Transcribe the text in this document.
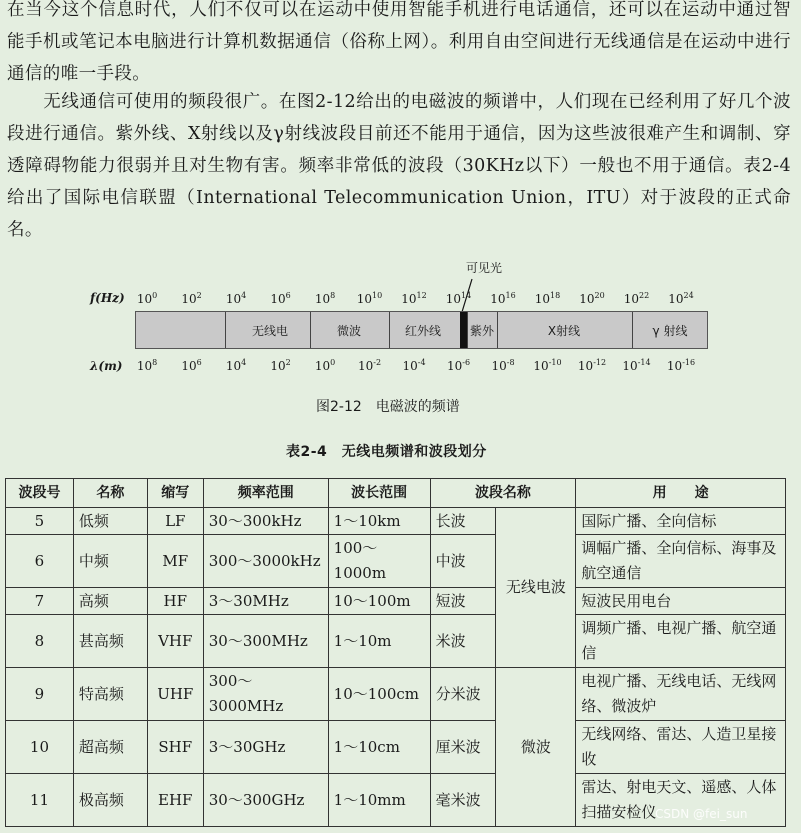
在当今这个信息时代，人们不仅可以在运动中使用智能手机进行电话通信，还可以在运动中通过智能手机或笔记本电脑进行计算机数据通信（俗称上网）。利用自由空间进行无线通信是在运动中进行通信的唯一手段。

无线通信可使用的频段很广。在图2-12给出的电磁波的频谱中，人们现在已经利用了好几个波段进行通信。紫外线、X射线以及γ射线波段目前还不能用于通信，因为这些波很难产生和调制、穿透障碍物能力很弱并且对生物有害。频率非常低的波段（30KHz以下）一般也不用于通信。表2-4给出了国际电信联盟（International Telecommunication Union，ITU）对于波段的正式命名。

可见光
f(Hz) $10^0$ $10^2$ $10^4$ $10^6$ $10^8$ $10^{10}$ $10^{12}$ $10^{14}$ $10^{16}$ $10^{18}$ $10^{20}$ $10^{22}$ $10^{24}$
无线电	微波	红外线 紫外	X射线	γ 射线
λ(m) $10^8$ $10^6$ $10^4$ $10^2$ $10^0$ $10^{-2}$ $10^{-4}$ $10^{-6}$ $10^{-8}$ $10^{-10}$ $10^{-12}$ $10^{-14}$ $10^{-16}$
图2-12　电磁波的频谱
表2-4　无线电频谱和波段划分
波段号	名称	缩写	频率范围	波长范围	波段名称		用　　途
5	低频	LF	30～300kHz	1～10km	长波	无线电波	国际广播、全向信标
6	中频	MF	300～3000kHz	100～1000m	中波		调幅广播、全向信标、海事及航空通信
7	高频	HF	3～30MHz	10～100m	短波		短波民用电台
8	甚高频	VHF	30～300MHz	1～10m	米波		调频广播、电视广播、航空通信
9	特高频	UHF	300～3000MHz	10～100cm	分米波	微波	电视广播、无线电话、无线网络、微波炉
10	超高频	SHF	3～30GHz	1～10cm	厘米波		无线网络、雷达、人造卫星接收
11	极高频	EHF	30～300GHz	1～10mm	毫米波		雷达、射电天文、遥感、人体扫描安检仪
CSDN @fei_sun
